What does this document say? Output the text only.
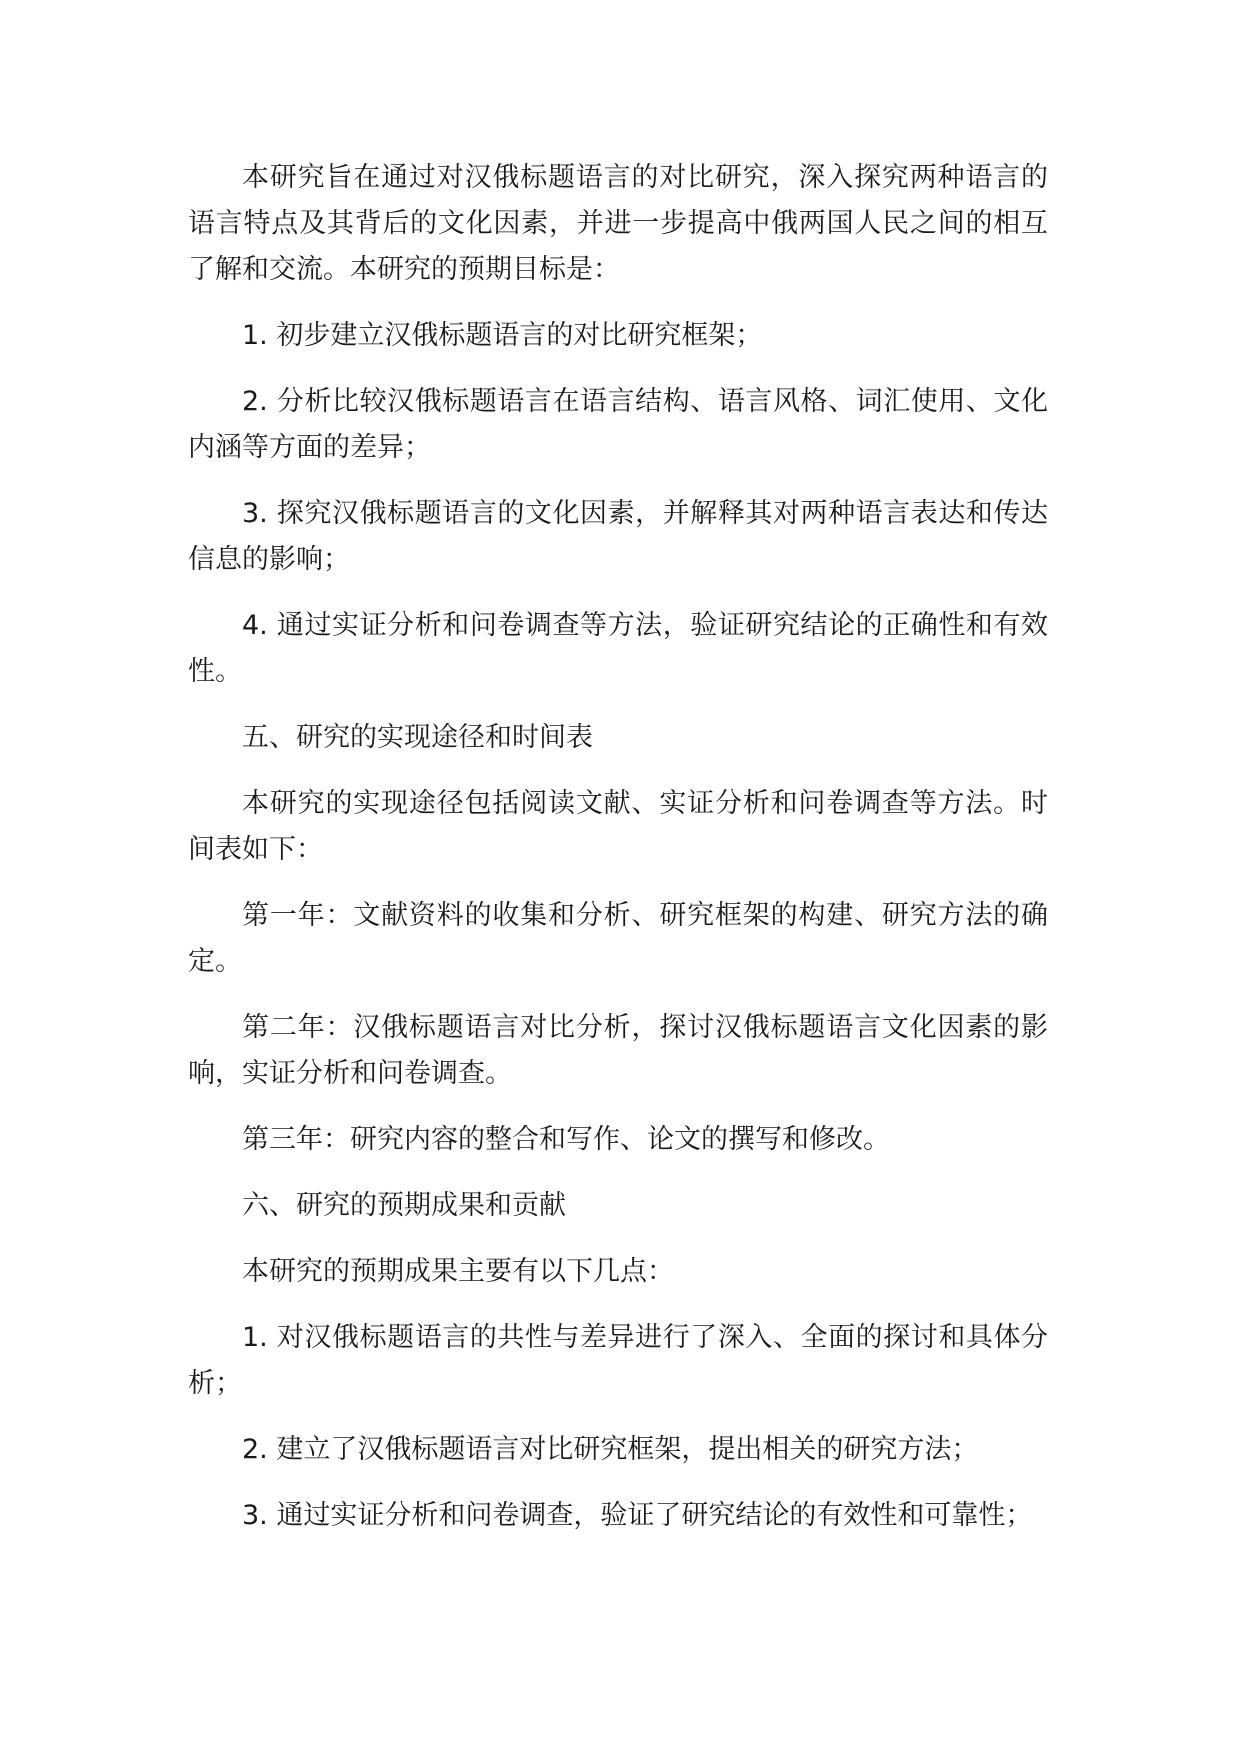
本研究旨在通过对汉俄标题语言的对比研究，深入探究两种语言的语言特点及其背后的文化因素，并进一步提高中俄两国人民之间的相互了解和交流。本研究的预期目标是：

1. 初步建立汉俄标题语言的对比研究框架；

2. 分析比较汉俄标题语言在语言结构、语言风格、词汇使用、文化内涵等方面的差异；

3. 探究汉俄标题语言的文化因素，并解释其对两种语言表达和传达信息的影响；

4. 通过实证分析和问卷调查等方法，验证研究结论的正确性和有效性。

五、研究的实现途径和时间表

本研究的实现途径包括阅读文献、实证分析和问卷调查等方法。时间表如下：

第一年：文献资料的收集和分析、研究框架的构建、研究方法的确定。

第二年：汉俄标题语言对比分析，探讨汉俄标题语言文化因素的影响，实证分析和问卷调查。

第三年：研究内容的整合和写作、论文的撰写和修改。

六、研究的预期成果和贡献

本研究的预期成果主要有以下几点：

1. 对汉俄标题语言的共性与差异进行了深入、全面的探讨和具体分析；

2. 建立了汉俄标题语言对比研究框架，提出相关的研究方法；

3. 通过实证分析和问卷调查，验证了研究结论的有效性和可靠性；
